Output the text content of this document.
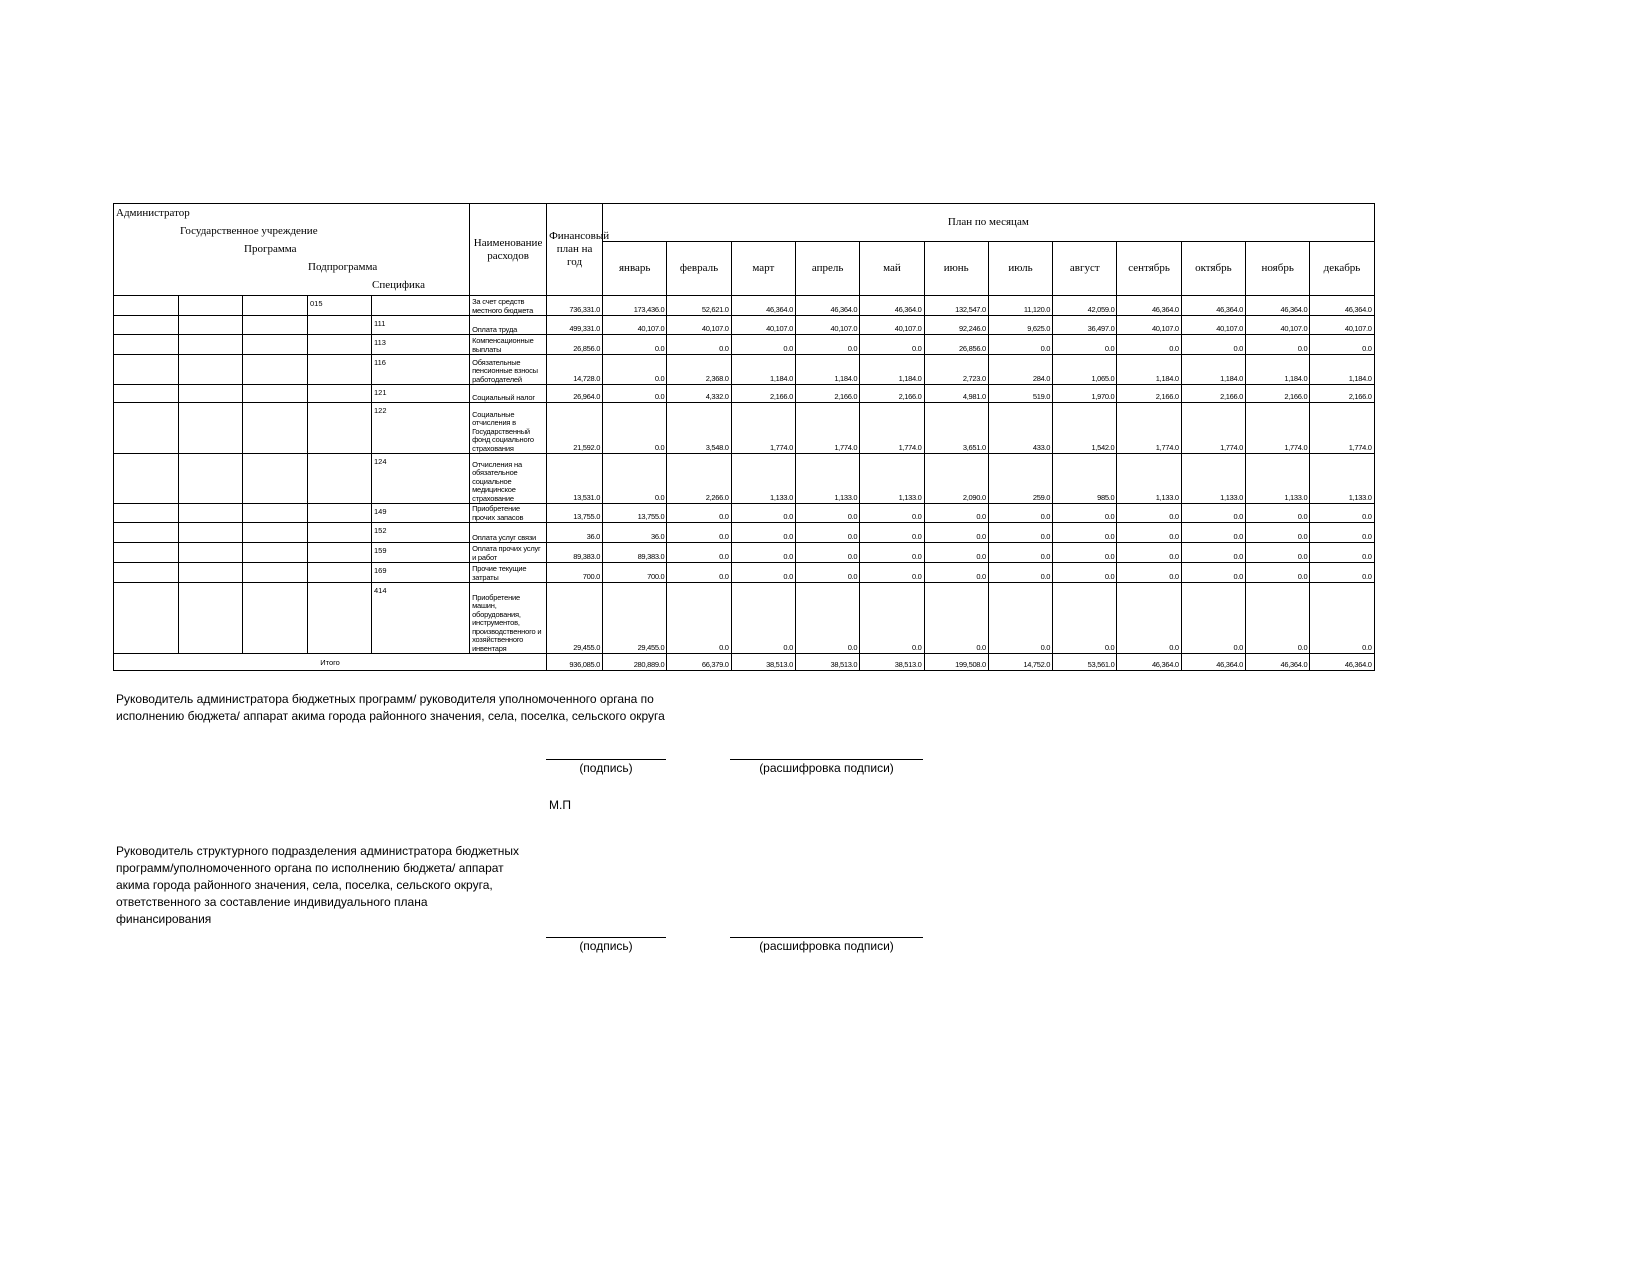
Администратор
Государственное учреждение
Программа
Подпрограмма
Специфика					Наименование расходов	Финансовый план на год	План по месяцам											
							январь	февраль	март	апрель	май	июнь	июль	август	сентябрь	октябрь	ноябрь	декабрь
			015		За счет средств местного бюджета	736,331.0	173,436.0	52,621.0	46,364.0	46,364.0	46,364.0	132,547.0	11,120.0	42,059.0	46,364.0	46,364.0	46,364.0	46,364.0
				111	Оплата труда	499,331.0	40,107.0	40,107.0	40,107.0	40,107.0	40,107.0	92,246.0	9,625.0	36,497.0	40,107.0	40,107.0	40,107.0	40,107.0
				113	Компенсационные выплаты	26,856.0	0.0	0.0	0.0	0.0	0.0	26,856.0	0.0	0.0	0.0	0.0	0.0	0.0
				116	Обязательные пенсионные взносы работодателей	14,728.0	0.0	2,368.0	1,184.0	1,184.0	1,184.0	2,723.0	284.0	1,065.0	1,184.0	1,184.0	1,184.0	1,184.0
				121	Социальный налог	26,964.0	0.0	4,332.0	2,166.0	2,166.0	2,166.0	4,981.0	519.0	1,970.0	2,166.0	2,166.0	2,166.0	2,166.0
				122	Социальные отчисления в Государственный фонд социального страхования	21,592.0	0.0	3,548.0	1,774.0	1,774.0	1,774.0	3,651.0	433.0	1,542.0	1,774.0	1,774.0	1,774.0	1,774.0
				124	Отчисления на обязательное социальное медицинское страхование	13,531.0	0.0	2,266.0	1,133.0	1,133.0	1,133.0	2,090.0	259.0	985.0	1,133.0	1,133.0	1,133.0	1,133.0
				149	Приобретение прочих запасов	13,755.0	13,755.0	0.0	0.0	0.0	0.0	0.0	0.0	0.0	0.0	0.0	0.0	0.0
				152	Оплата услуг связи	36.0	36.0	0.0	0.0	0.0	0.0	0.0	0.0	0.0	0.0	0.0	0.0	0.0
				159	Оплата прочих услуг и работ	89,383.0	89,383.0	0.0	0.0	0.0	0.0	0.0	0.0	0.0	0.0	0.0	0.0	0.0
				169	Прочие текущие затраты	700.0	700.0	0.0	0.0	0.0	0.0	0.0	0.0	0.0	0.0	0.0	0.0	0.0
				414	Приобретение машин, оборудования, инструментов, производственного и хозяйственного инвентаря	29,455.0	29,455.0	0.0	0.0	0.0	0.0	0.0	0.0	0.0	0.0	0.0	0.0	0.0
Итого						936,085.0	280,889.0	66,379.0	38,513.0	38,513.0	38,513.0	199,508.0	14,752.0	53,561.0	46,364.0	46,364.0	46,364.0	46,364.0
Руководитель администратора бюджетных программ/ руководителя уполномоченного органа по исполнению бюджета/ аппарат акима города районного значения, села, поселка, сельского округа
(подпись)	(расшифровка подписи)
М.П
Руководитель структурного подразделения администратора бюджетных программ/уполномоченного органа по исполнению бюджета/ аппарат акима города районного значения, села, поселка, сельского округа, ответственного за составление индивидуального плана финансирования
(подпись)	(расшифровка подписи)
